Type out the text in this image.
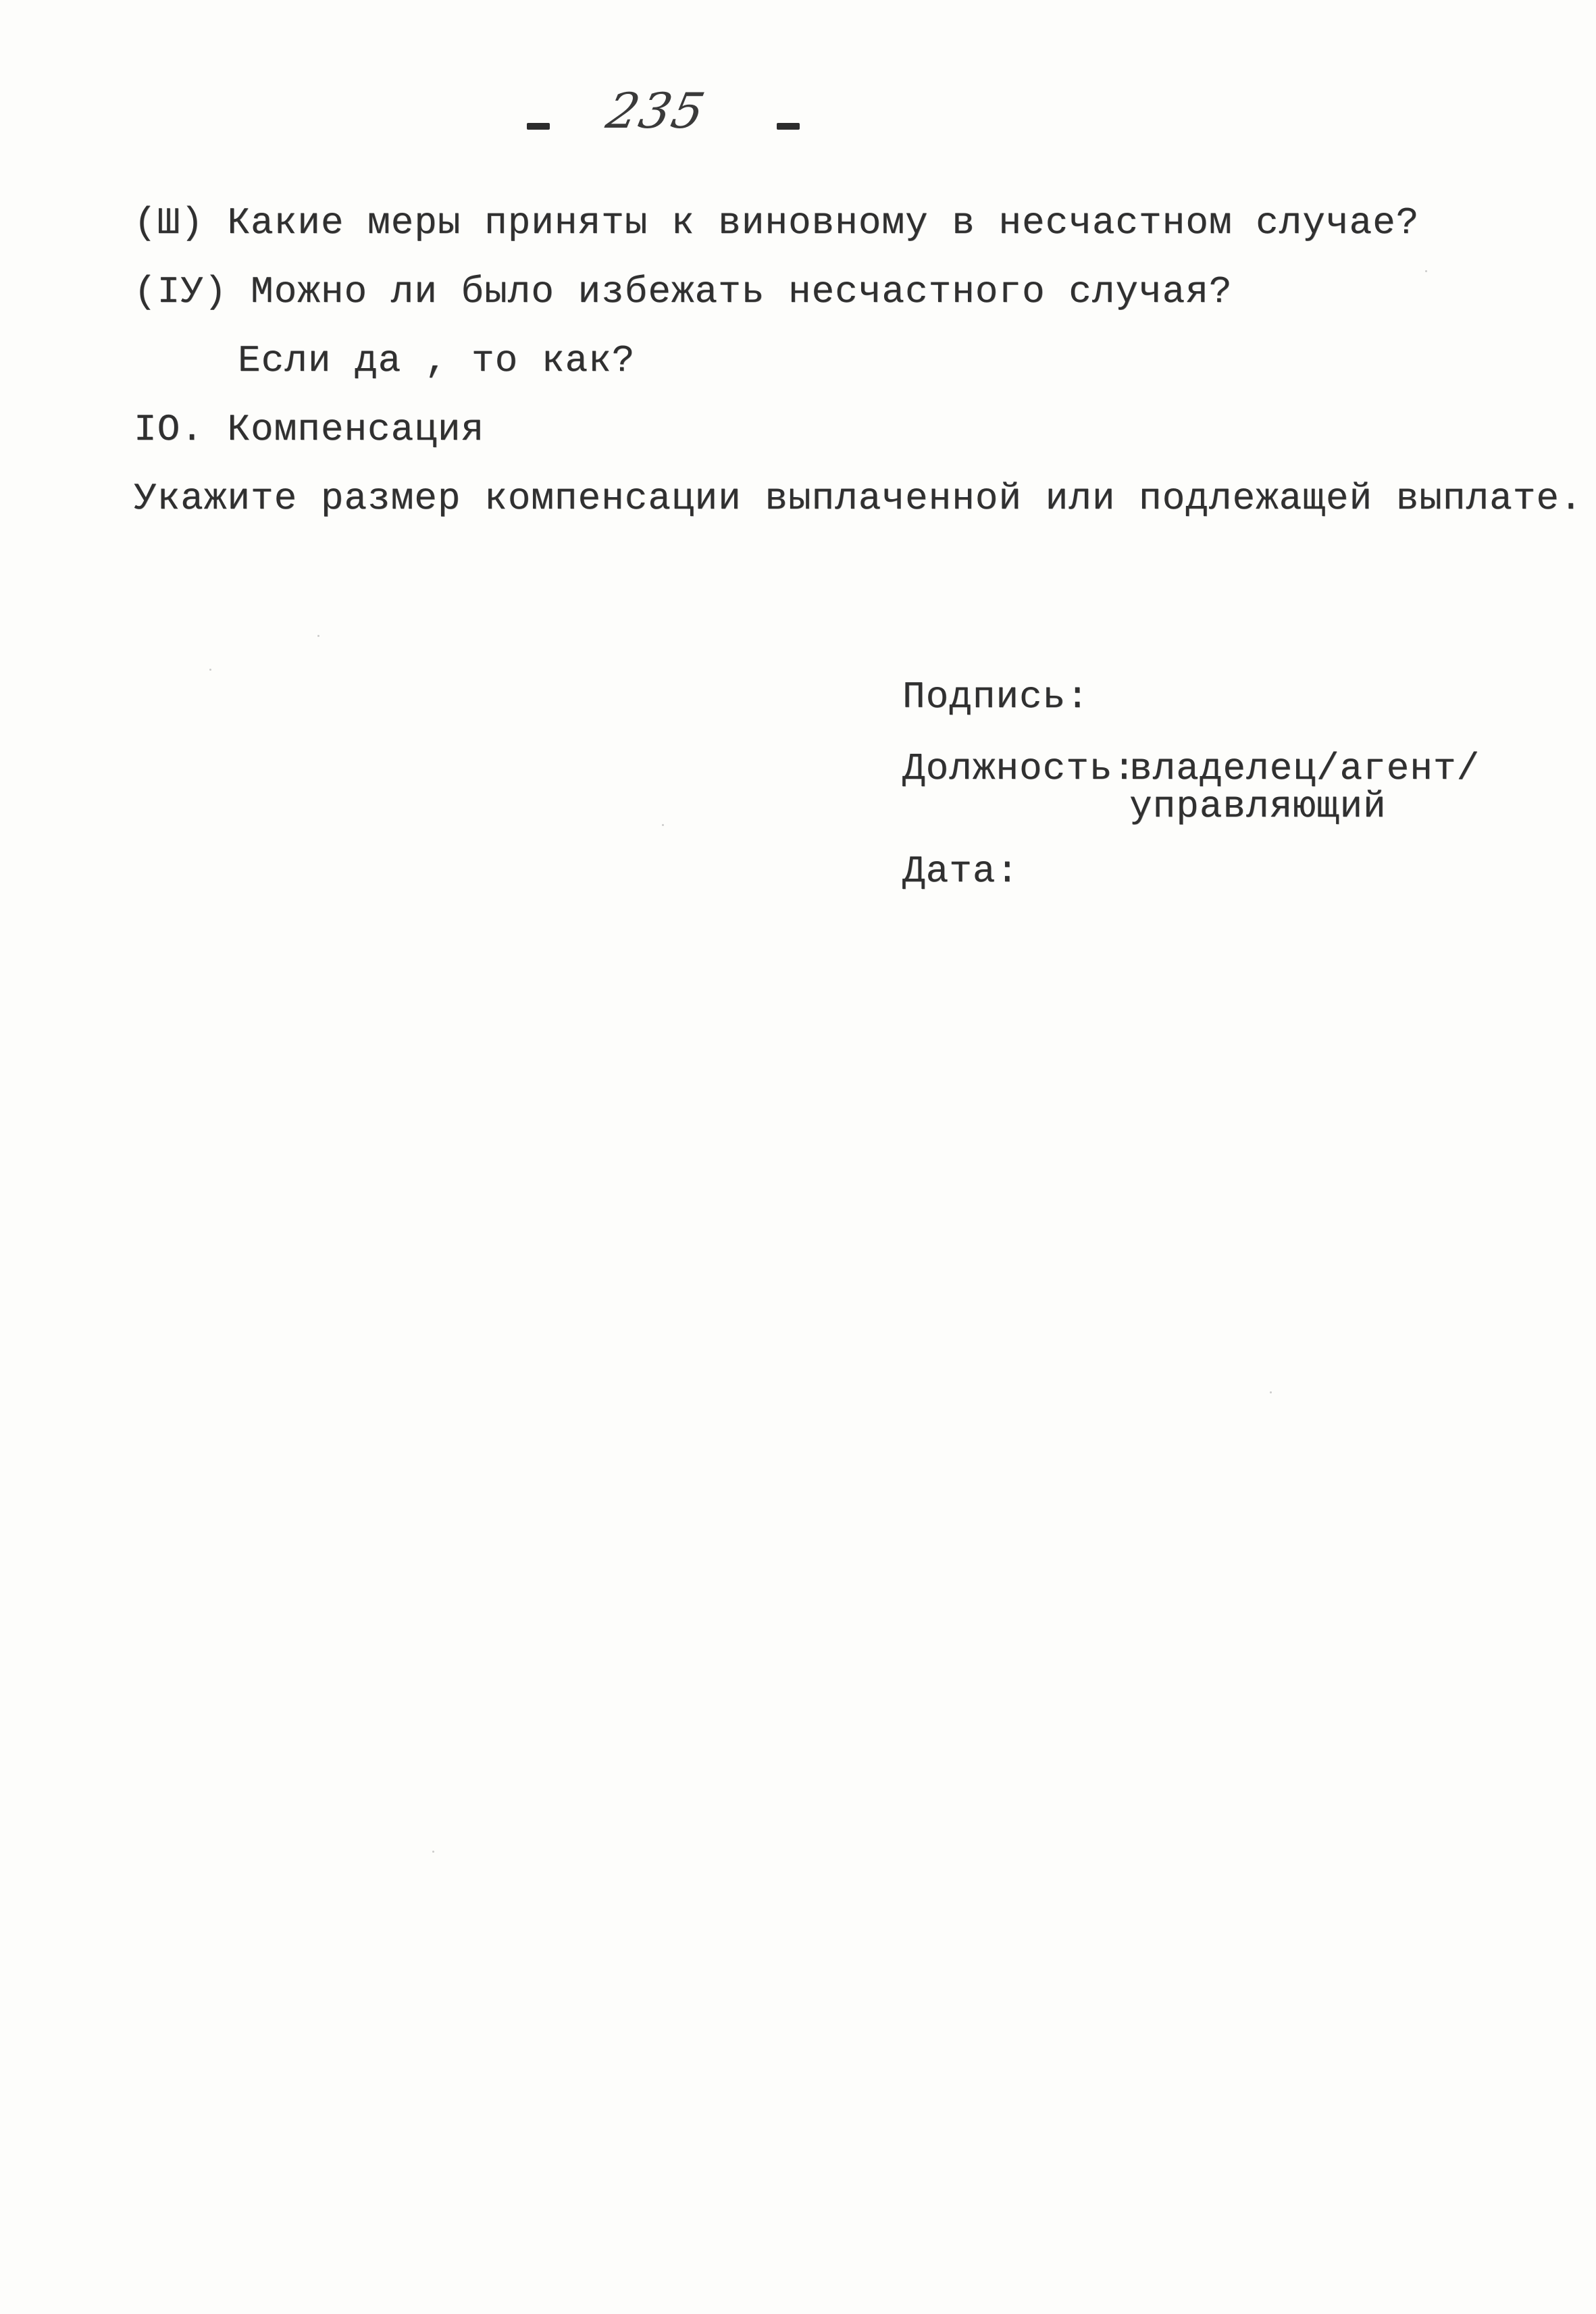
235
(Ш) Какие меры приняты к виновному в несчастном случае?
(IУ) Можно ли было избежать несчастного случая?
Если да , то как?
IO. Компенсация
Укажите размер компенсации выплаченной или подлежащей выплате.
Подпись:
Должность:
владелец/агент/
управляющий
Дата:
